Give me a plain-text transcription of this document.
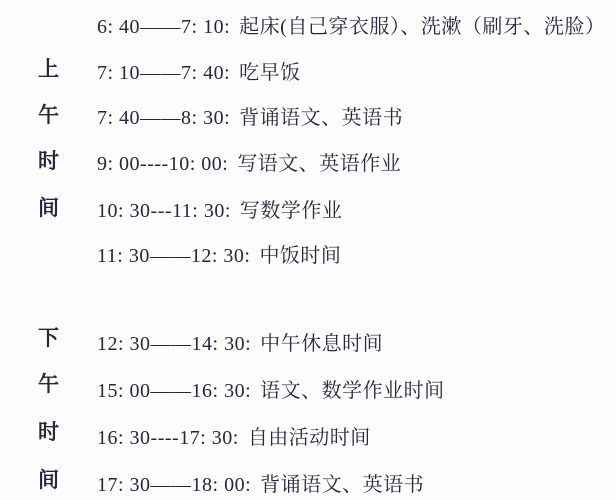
上
午
时
间
下
午
时
间
6: 40——7: 10: 起床(自己穿衣服）、洗漱（刷牙、洗脸）
7: 10——7: 40: 吃早饭
7: 40——8: 30: 背诵语文、英语书
9: 00----10: 00: 写语文、英语作业
10: 30---11: 30: 写数学作业
11: 30——12: 30: 中饭时间
12: 30——14: 30: 中午休息时间
15: 00——16: 30: 语文、数学作业时间
16: 30----17: 30: 自由活动时间
17: 30——18: 00: 背诵语文、英语书
